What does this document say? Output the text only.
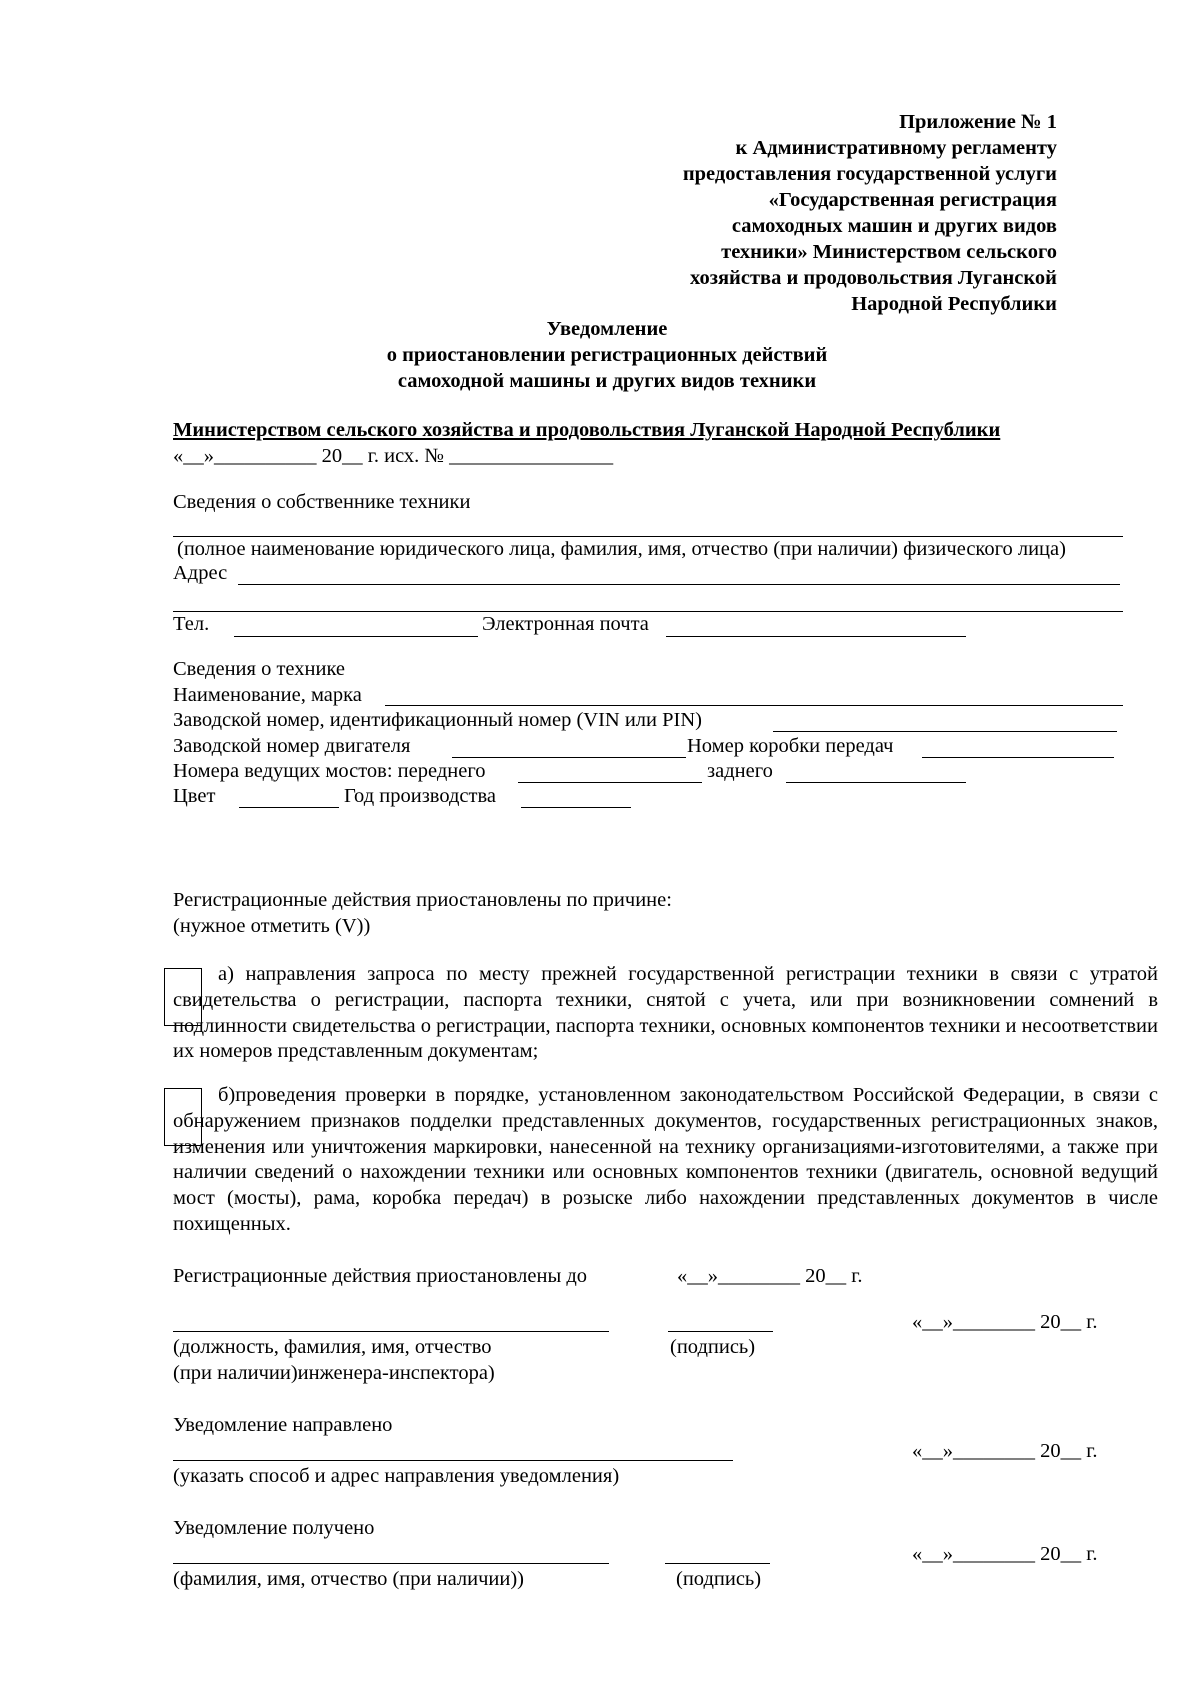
Приложение № 1
к Административному регламенту
предоставления государственной услуги
«Государственная регистрация
самоходных машин и других видов
техники» Министерством сельского
хозяйства и продовольствия Луганской
Народной Республики
Уведомление
о приостановлении регистрационных действий
самоходной машины и других видов техники
Министерством сельского хозяйства и продовольствия Луганской Народной Республики
«__»__________ 20__ г. исх. № ________________
Сведения о собственнике техники
(полное наименование юридического лица, фамилия, имя, отчество (при наличии) физического лица)
Адрес
Тел.	Электронная почта
Сведения о технике
Наименование, марка
Заводской номер, идентификационный номер (VIN или PIN)
Заводской номер двигателя	Номер коробки передач
Номера ведущих мостов: переднего	заднего
Цвет	Год производства
Регистрационные действия приостановлены по причине:
(нужное отметить (V))
а) направления запроса по месту прежней государственной регистрации техники в связи с утратой свидетельства о регистрации, паспорта техники, снятой с учета, или при возникновении сомнений в подлинности свидетельства о регистрации, паспорта техники, основных компонентов техники и несоответствии их номеров представленным документам;
б)проведения проверки в порядке, установленном законодательством Российской Федерации, в связи с обнаружением признаков подделки представленных документов, государственных регистрационных знаков, изменения или уничтожения маркировки, нанесенной на технику организациями-изготовителями, а также при наличии сведений о нахождении техники или основных компонентов техники (двигатель, основной ведущий мост (мосты), рама, коробка передач) в розыске либо нахождении представленных документов в числе похищенных.
Регистрационные действия приостановлены до	«__»________ 20__ г.
«__»________ 20__ г.
(должность, фамилия, имя, отчество
(при наличии)инженера-инспектора)
(подпись)
Уведомление направлено
«__»________ 20__ г.
(указать способ и адрес направления уведомления)
Уведомление получено
«__»________ 20__ г.
(фамилия, имя, отчество (при наличии))	(подпись)
